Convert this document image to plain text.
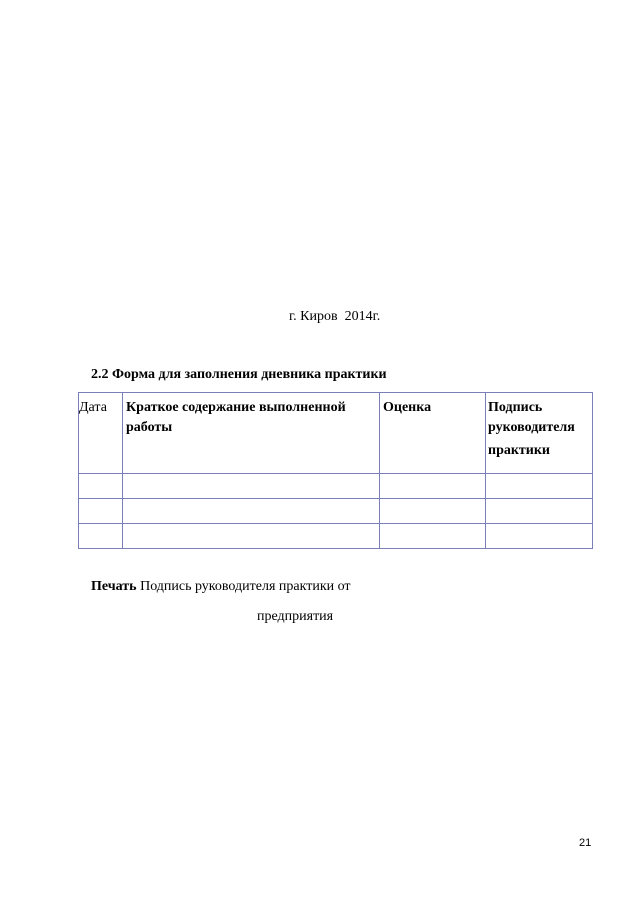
г. Киров  2014г.
2.2 Форма для заполнения дневника практики
Дата	Краткое содержание выполненной работы	Оценка	Подпись руководителя
практики

Печать Подпись руководителя практики от
предприятия
21
